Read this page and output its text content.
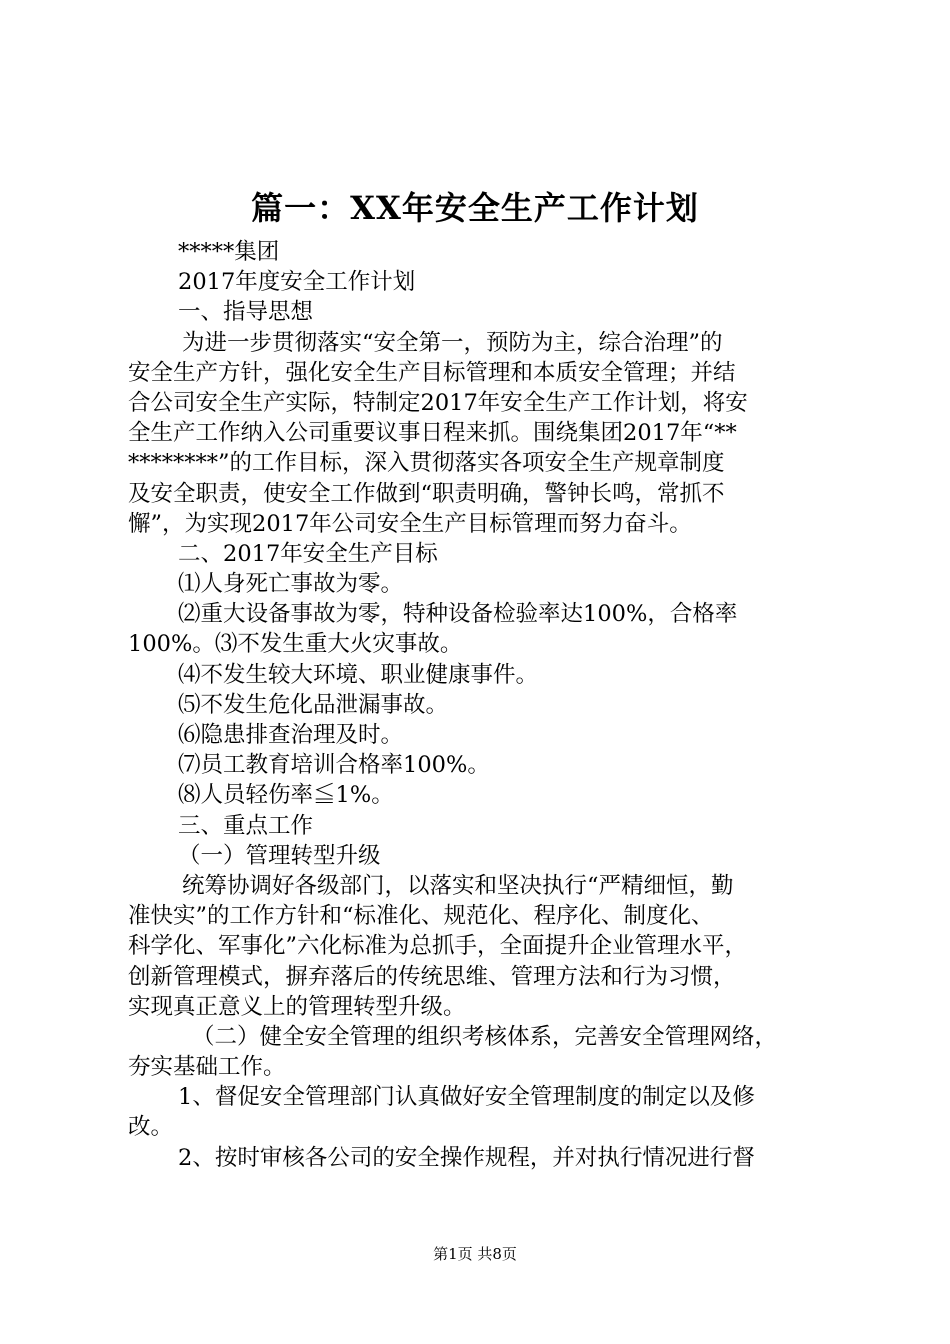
篇一：XX年安全生产工作计划
*****集团
2017年度安全工作计划
一、指导思想
为进一步贯彻落实“安全第一，预防为主，综合治理”的
安全生产方针，强化安全生产目标管理和本质安全管理；并结
合公司安全生产实际，特制定2017年安全生产工作计划，将安
全生产工作纳入公司重要议事日程来抓。围绕集团2017年“**
********”的工作目标，深入贯彻落实各项安全生产规章制度
及安全职责，使安全工作做到“职责明确，警钟长鸣，常抓不
懈”，为实现2017年公司安全生产目标管理而努力奋斗。
二、2017年安全生产目标
⑴人身死亡事故为零。
⑵重大设备事故为零，特种设备检验率达100%，合格率
100%。⑶不发生重大火灾事故。
⑷不发生较大环境、职业健康事件。
⑸不发生危化品泄漏事故。
⑹隐患排查治理及时。
⑺员工教育培训合格率100%。
⑻人员轻伤率≦1%。
三、重点工作
（一）管理转型升级
统筹协调好各级部门，以落实和坚决执行“严精细恒，勤
准快实”的工作方针和“标准化、规范化、程序化、制度化、
科学化、军事化”六化标准为总抓手，全面提升企业管理水平，
创新管理模式，摒弃落后的传统思维、管理方法和行为习惯，
实现真正意义上的管理转型升级。
（二）健全安全管理的组织考核体系，完善安全管理网络，
夯实基础工作。
1、督促安全管理部门认真做好安全管理制度的制定以及修
改。
2、按时审核各公司的安全操作规程，并对执行情况进行督
第1页 共8页
